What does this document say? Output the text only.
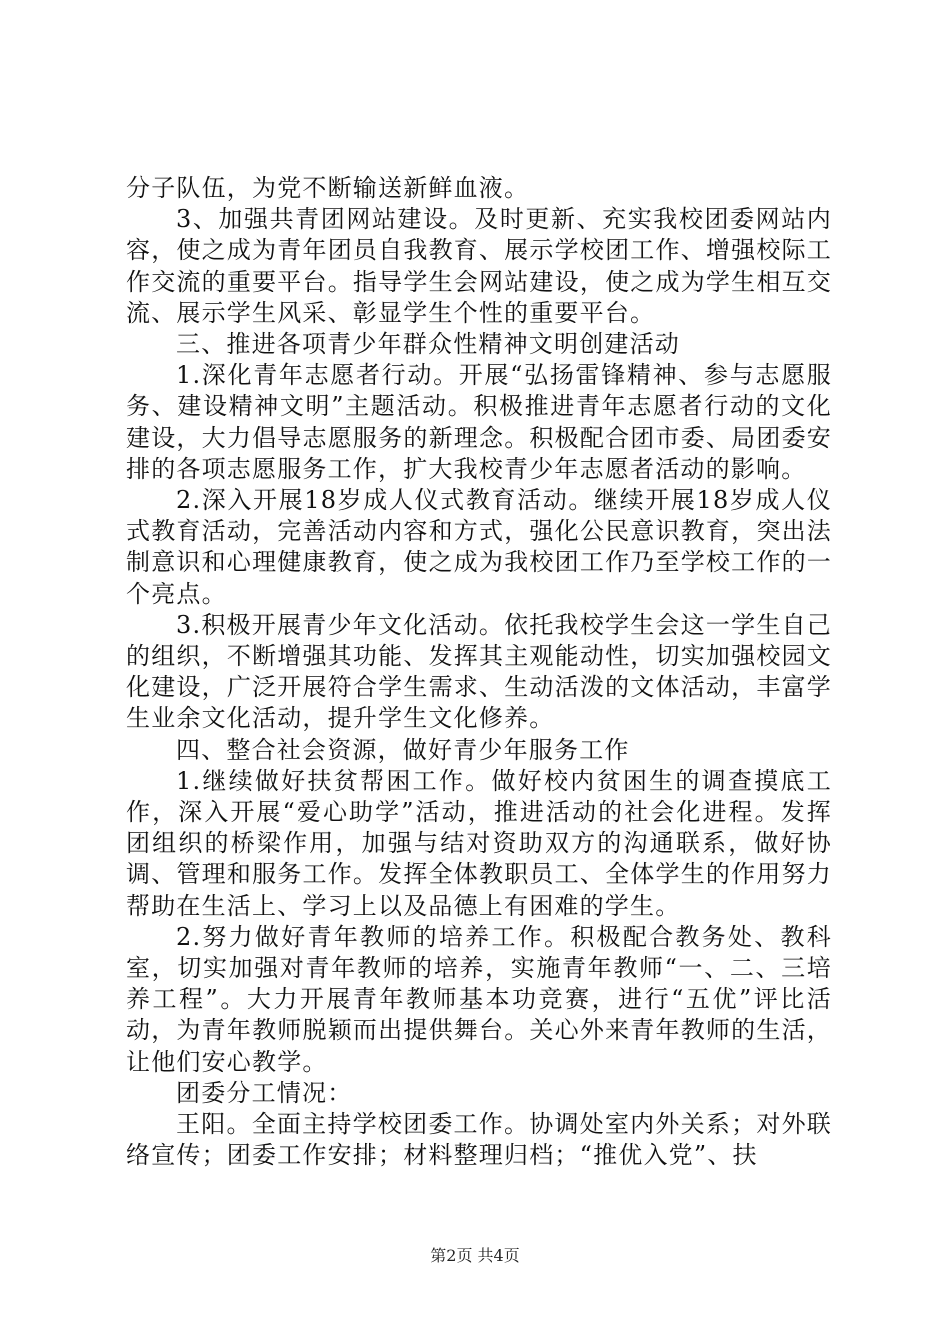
分子队伍，为党不断输送新鲜血液。

3、加强共青团网站建设。及时更新、充实我校团委网站内容，使之成为青年团员自我教育、展示学校团工作、增强校际工作交流的重要平台。指导学生会网站建设，使之成为学生相互交流、展示学生风采、彰显学生个性的重要平台。

三、推进各项青少年群众性精神文明创建活动

1.深化青年志愿者行动。开展“弘扬雷锋精神、参与志愿服务、建设精神文明”主题活动。积极推进青年志愿者行动的文化建设，大力倡导志愿服务的新理念。积极配合团市委、局团委安排的各项志愿服务工作，扩大我校青少年志愿者活动的影响。

2.深入开展18岁成人仪式教育活动。继续开展18岁成人仪式教育活动，完善活动内容和方式，强化公民意识教育，突出法制意识和心理健康教育，使之成为我校团工作乃至学校工作的一个亮点。

3.积极开展青少年文化活动。依托我校学生会这一学生自己的组织，不断增强其功能、发挥其主观能动性，切实加强校园文化建设，广泛开展符合学生需求、生动活泼的文体活动，丰富学生业余文化活动，提升学生文化修养。

四、整合社会资源，做好青少年服务工作

1.继续做好扶贫帮困工作。做好校内贫困生的调查摸底工作，深入开展“爱心助学”活动，推进活动的社会化进程。发挥团组织的桥梁作用，加强与结对资助双方的沟通联系，做好协调、管理和服务工作。发挥全体教职员工、全体学生的作用努力帮助在生活上、学习上以及品德上有困难的学生。

2.努力做好青年教师的培养工作。积极配合教务处、教科室，切实加强对青年教师的培养，实施青年教师“一、二、三培养工程”。大力开展青年教师基本功竞赛，进行“五优”评比活动，为青年教师脱颖而出提供舞台。关心外来青年教师的生活，让他们安心教学。

团委分工情况：

王阳。全面主持学校团委工作。协调处室内外关系；对外联络宣传；团委工作安排；材料整理归档；“推优入党”、扶

第2页 共4页
